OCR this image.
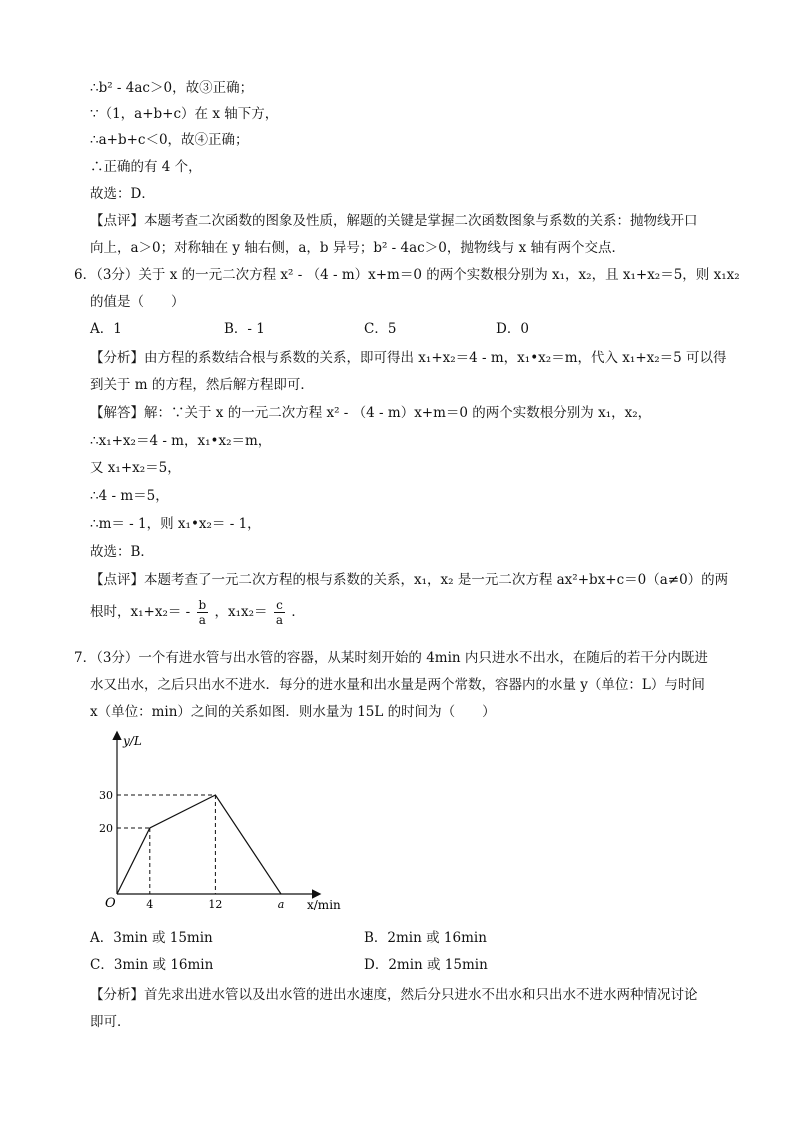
∴b² - 4ac＞0，故③正确；
∵（1，a+b+c）在 x 轴下方，
∴a+b+c＜0，故④正确；
∴正确的有 4 个，
故选：D．
【点评】本题考查二次函数的图象及性质，解题的关键是掌握二次函数图象与系数的关系：抛物线开口
向上，a＞0；对称轴在 y 轴右侧，a，b 异号；b² - 4ac＞0，抛物线与 x 轴有两个交点．
6．（3分）关于 x 的一元二次方程 x² - （4 - m）x+m＝0 的两个实数根分别为 x₁，x₂，且 x₁+x₂＝5，则 x₁x₂
的值是（　　）
A．1	B．- 1	C．5	D．0
【分析】由方程的系数结合根与系数的关系，即可得出 x₁+x₂＝4 - m，x₁•x₂＝m，代入 x₁+x₂＝5 可以得
到关于 m 的方程，然后解方程即可．
【解答】解：∵关于 x 的一元二次方程 x² - （4 - m）x+m＝0 的两个实数根分别为 x₁，x₂，
∴x₁+x₂＝4 - m，x₁•x₂＝m，
又 x₁+x₂＝5，
∴4 - m＝5，
∴m＝ - 1，则 x₁•x₂＝ - 1，
故选：B．
【点评】本题考查了一元二次方程的根与系数的关系，x₁，x₂ 是一元二次方程 ax²+bx+c＝0（a≠0）的两
根时，$x_1+x_2= - \frac{b}{a}$ ，$x_1x_2= \frac{c}{a}$ ．
7．（3分）一个有进水管与出水管的容器，从某时刻开始的 4min 内只进水不出水，在随后的若干分内既进
水又出水，之后只出水不进水．每分的进水量和出水量是两个常数，容器内的水量 y（单位：L）与时间
x（单位：min）之间的关系如图．则水量为 15L 的时间为（　　）
20
30
4	12	a
y/L
x/min
O
A．3min 或 15min	B．2min 或 16min
C．3min 或 16min	D．2min 或 15min
【分析】首先求出进水管以及出水管的进出水速度，然后分只进水不出水和只出水不进水两种情况讨论
即可．
